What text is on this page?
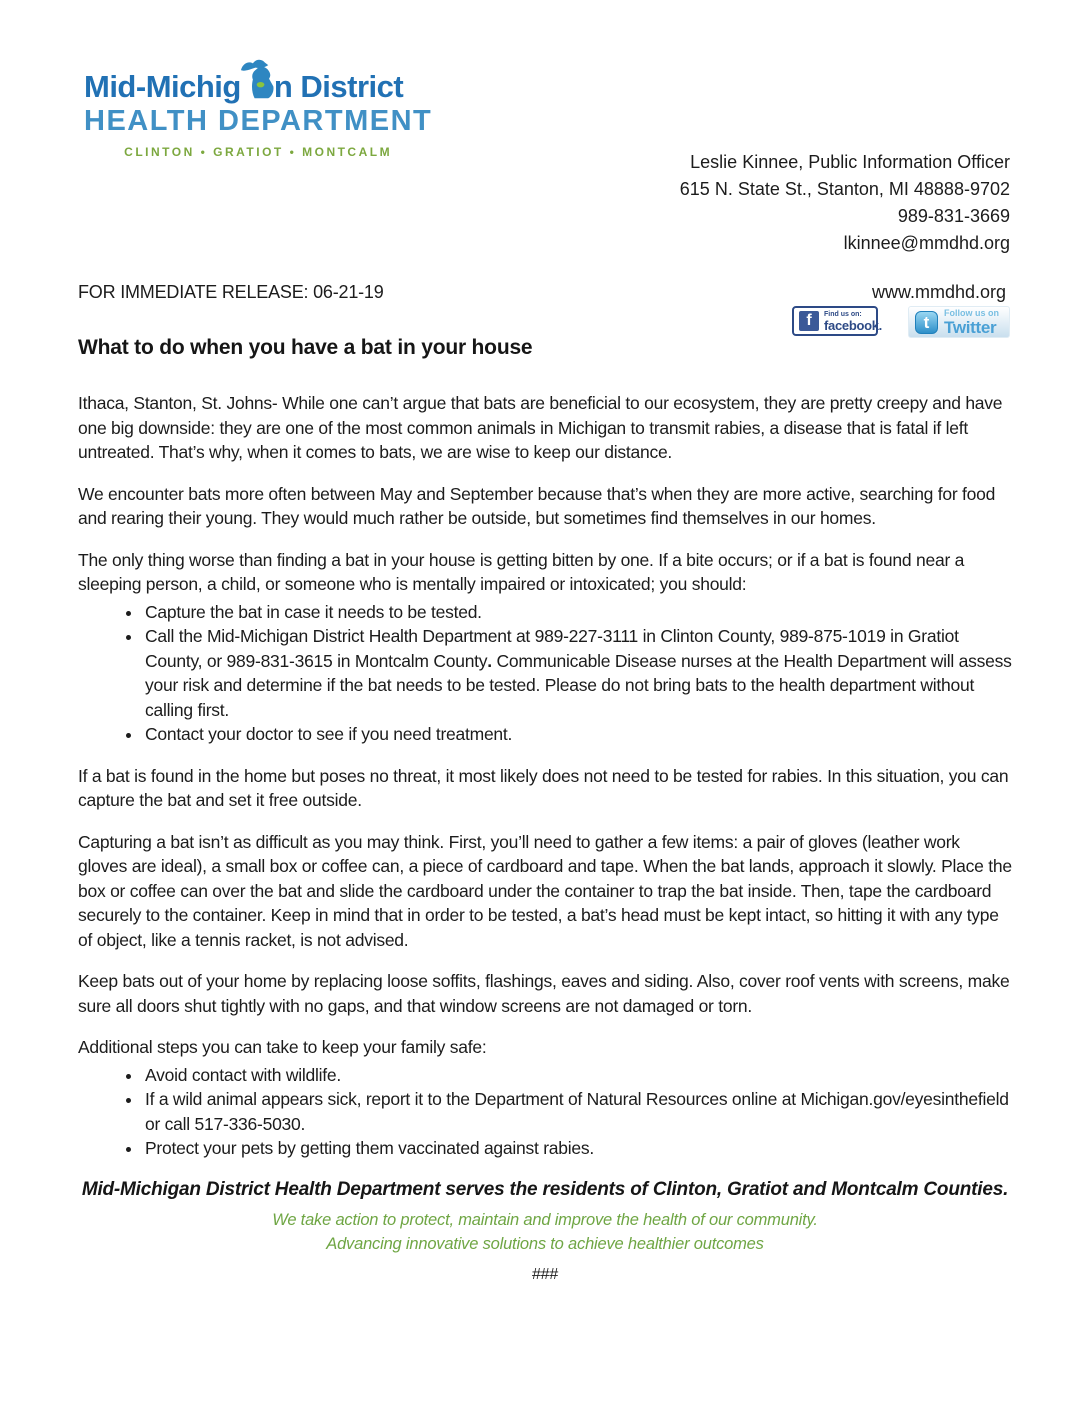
Mid-Michig n District
HEALTH DEPARTMENT
CLINTON • GRATIOT • MONTCALM	Leslie Kinnee, Public Information Officer
615 N. State St., Stanton, MI 48888-9702
989-831-3669
lkinnee@mmdhd.org
FOR IMMEDIATE RELEASE: 06-21-19	www.mmdhd.org
f	Find us on:
facebook.	t	Follow us on
Twitter
What to do when you have a bat in your house

Ithaca, Stanton, St. Johns- While one can’t argue that bats are beneficial to our ecosystem, they are pretty creepy and have one big downside: they are one of the most common animals in Michigan to transmit rabies, a disease that is fatal if left untreated. That’s why, when it comes to bats, we are wise to keep our distance.

We encounter bats more often between May and September because that’s when they are more active, searching for food and rearing their young. They would much rather be outside, but sometimes find themselves in our homes.

The only thing worse than finding a bat in your house is getting bitten by one. If a bite occurs; or if a bat is found near a sleeping person, a child, or someone who is mentally impaired or intoxicated; you should:

• Capture the bat in case it needs to be tested.
• Call the Mid-Michigan District Health Department at 989-227-3111 in Clinton County, 989-875-1019 in Gratiot County, or 989-831-3615 in Montcalm County. Communicable Disease nurses at the Health Department will assess your risk and determine if the bat needs to be tested. Please do not bring bats to the health department without calling first.
• Contact your doctor to see if you need treatment.

If a bat is found in the home but poses no threat, it most likely does not need to be tested for rabies. In this situation, you can capture the bat and set it free outside.

Capturing a bat isn’t as difficult as you may think. First, you’ll need to gather a few items: a pair of gloves (leather work gloves are ideal), a small box or coffee can, a piece of cardboard and tape. When the bat lands, approach it slowly. Place the box or coffee can over the bat and slide the cardboard under the container to trap the bat inside. Then, tape the cardboard securely to the container. Keep in mind that in order to be tested, a bat’s head must be kept intact, so hitting it with any type of object, like a tennis racket, is not advised.

Keep bats out of your home by replacing loose soffits, flashings, eaves and siding. Also, cover roof vents with screens, make sure all doors shut tightly with no gaps, and that window screens are not damaged or torn.

Additional steps you can take to keep your family safe:

• Avoid contact with wildlife.
• If a wild animal appears sick, report it to the Department of Natural Resources online at Michigan.gov/eyesinthefield or call 517-336-5030.
• Protect your pets by getting them vaccinated against rabies.
Mid-Michigan District Health Department serves the residents of Clinton, Gratiot and Montcalm Counties.
We take action to protect, maintain and improve the health of our community.
Advancing innovative solutions to achieve healthier outcomes
###
